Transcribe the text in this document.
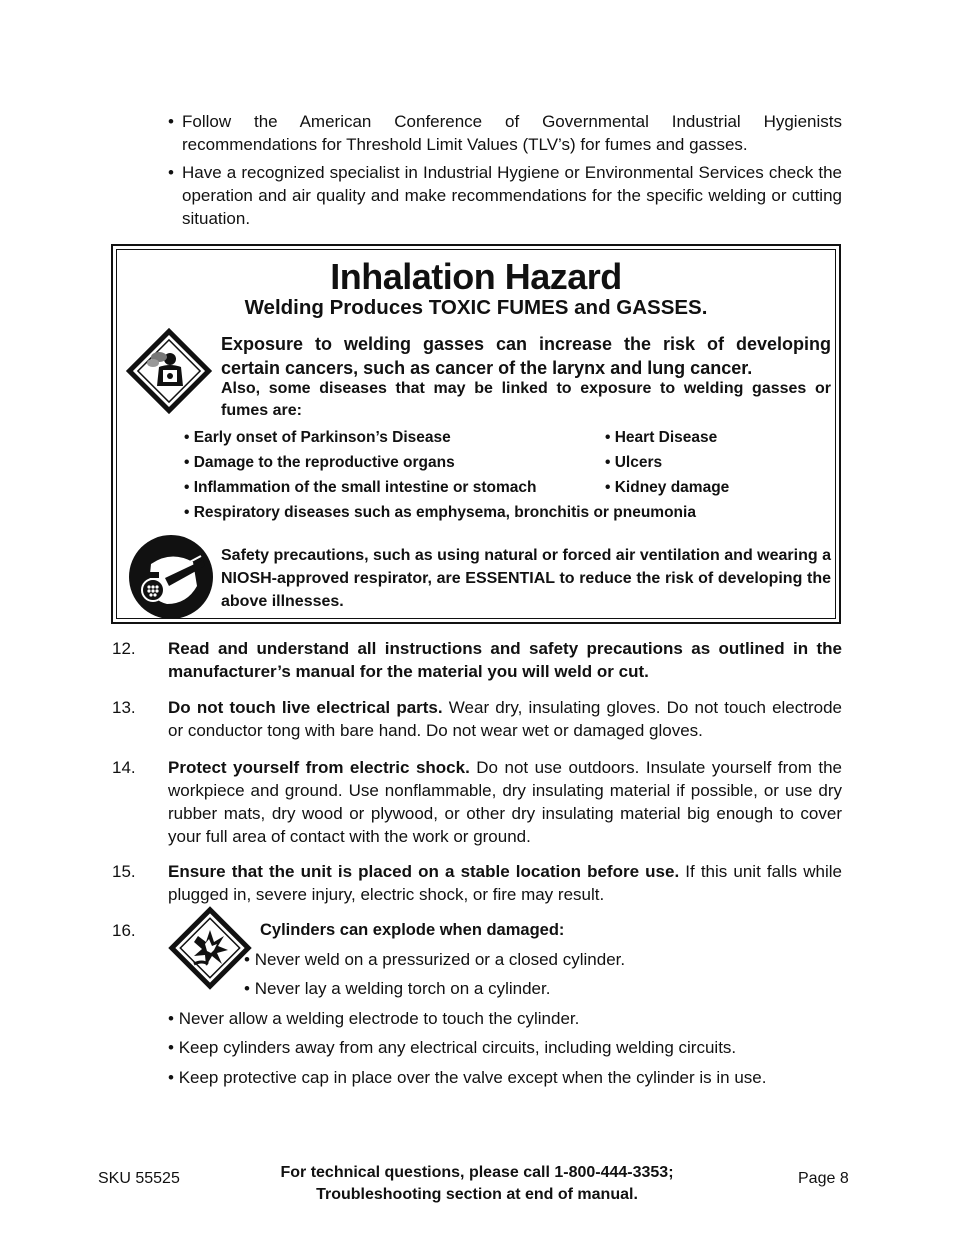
• Follow the American Conference of Governmental Industrial Hygienists recommendations for Threshold Limit Values (TLV’s) for fumes and gasses.
• Have a recognized specialist in Industrial Hygiene or Environmental Services check the operation and air quality and make recommendations for the specific welding or cutting situation.
Inhalation Hazard
Welding Produces TOXIC FUMES and GASSES.
Exposure to welding gasses can increase the risk of developing certain cancers, such as cancer of the larynx and lung cancer.
Also, some diseases that may be linked to exposure to welding gasses or fumes are:
• Early onset of Parkinson’s Disease
• Damage to the reproductive organs
• Inflammation of the small intestine or stomach
• Respiratory diseases such as emphysema, bronchitis or pneumonia
• Heart Disease
• Ulcers
• Kidney damage
Safety precautions, such as using natural or forced air ventilation and wearing a NIOSH-approved respirator, are ESSENTIAL to reduce the risk of developing the above illnesses.
12. Read and understand all instructions and safety precautions as outlined in the manufacturer’s manual for the material you will weld or cut.
13. Do not touch live electrical parts. Wear dry, insulating gloves. Do not touch electrode or conductor tong with bare hand. Do not wear wet or damaged gloves.
14. Protect yourself from electric shock. Do not use outdoors. Insulate yourself from the workpiece and ground. Use nonflammable, dry insulating material if possible, or use dry rubber mats, dry wood or plywood, or other dry insulating material big enough to cover your full area of contact with the work or ground.
15. Ensure that the unit is placed on a stable location before use. If this unit falls while plugged in, severe injury, electric shock, or fire may result.
16.	Cylinders can explode when damaged:
• Never weld on a pressurized or a closed cylinder.
• Never lay a welding torch on a cylinder.
• Never allow a welding electrode to touch the cylinder.
• Keep cylinders away from any electrical circuits, including welding circuits.
• Keep protective cap in place over the valve except when the cylinder is in use.
SKU 55525	For technical questions, please call 1-800-444-3353;
Troubleshooting section at end of manual.
Page 8
